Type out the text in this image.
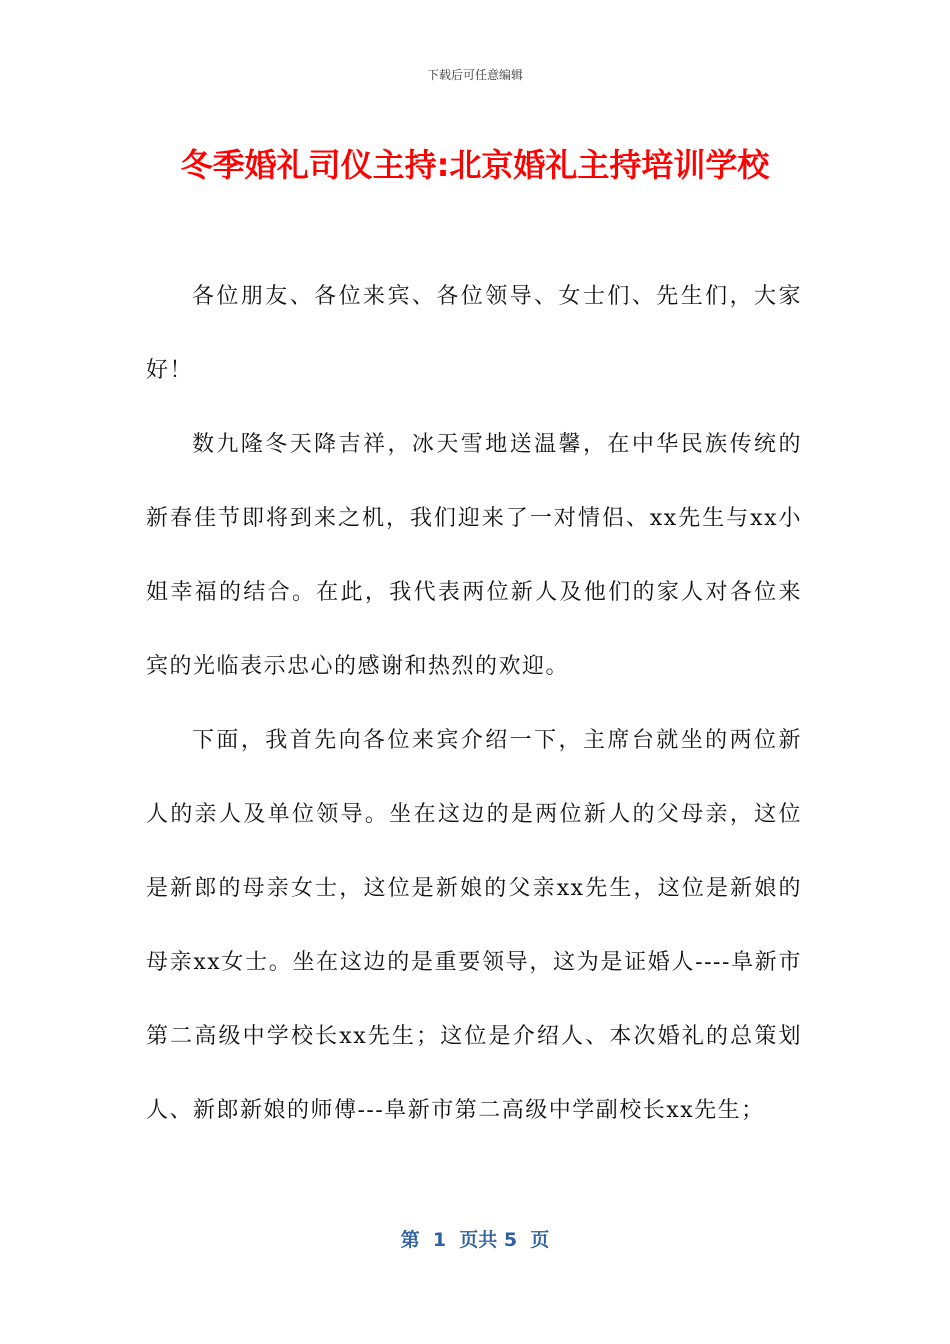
下载后可任意编辑
冬季婚礼司仪主持:北京婚礼主持培训学校

各位朋友、各位来宾、各位领导、女士们、先生们，大家好！

数九隆冬天降吉祥，冰天雪地送温馨，在中华民族传统的新春佳节即将到来之机，我们迎来了一对情侣、xx先生与xx小姐幸福的结合。在此，我代表两位新人及他们的家人对各位来宾的光临表示忠心的感谢和热烈的欢迎。

下面，我首先向各位来宾介绍一下，主席台就坐的两位新人的亲人及单位领导。坐在这边的是两位新人的父母亲，这位是新郎的母亲女士，这位是新娘的父亲xx先生，这位是新娘的母亲xx女士。坐在这边的是重要领导，这为是证婚人----阜新市第二高级中学校长xx先生；这位是介绍人、本次婚礼的总策划人、新郎新娘的师傅---阜新市第二高级中学副校长xx先生；

第  1  页共 5  页
